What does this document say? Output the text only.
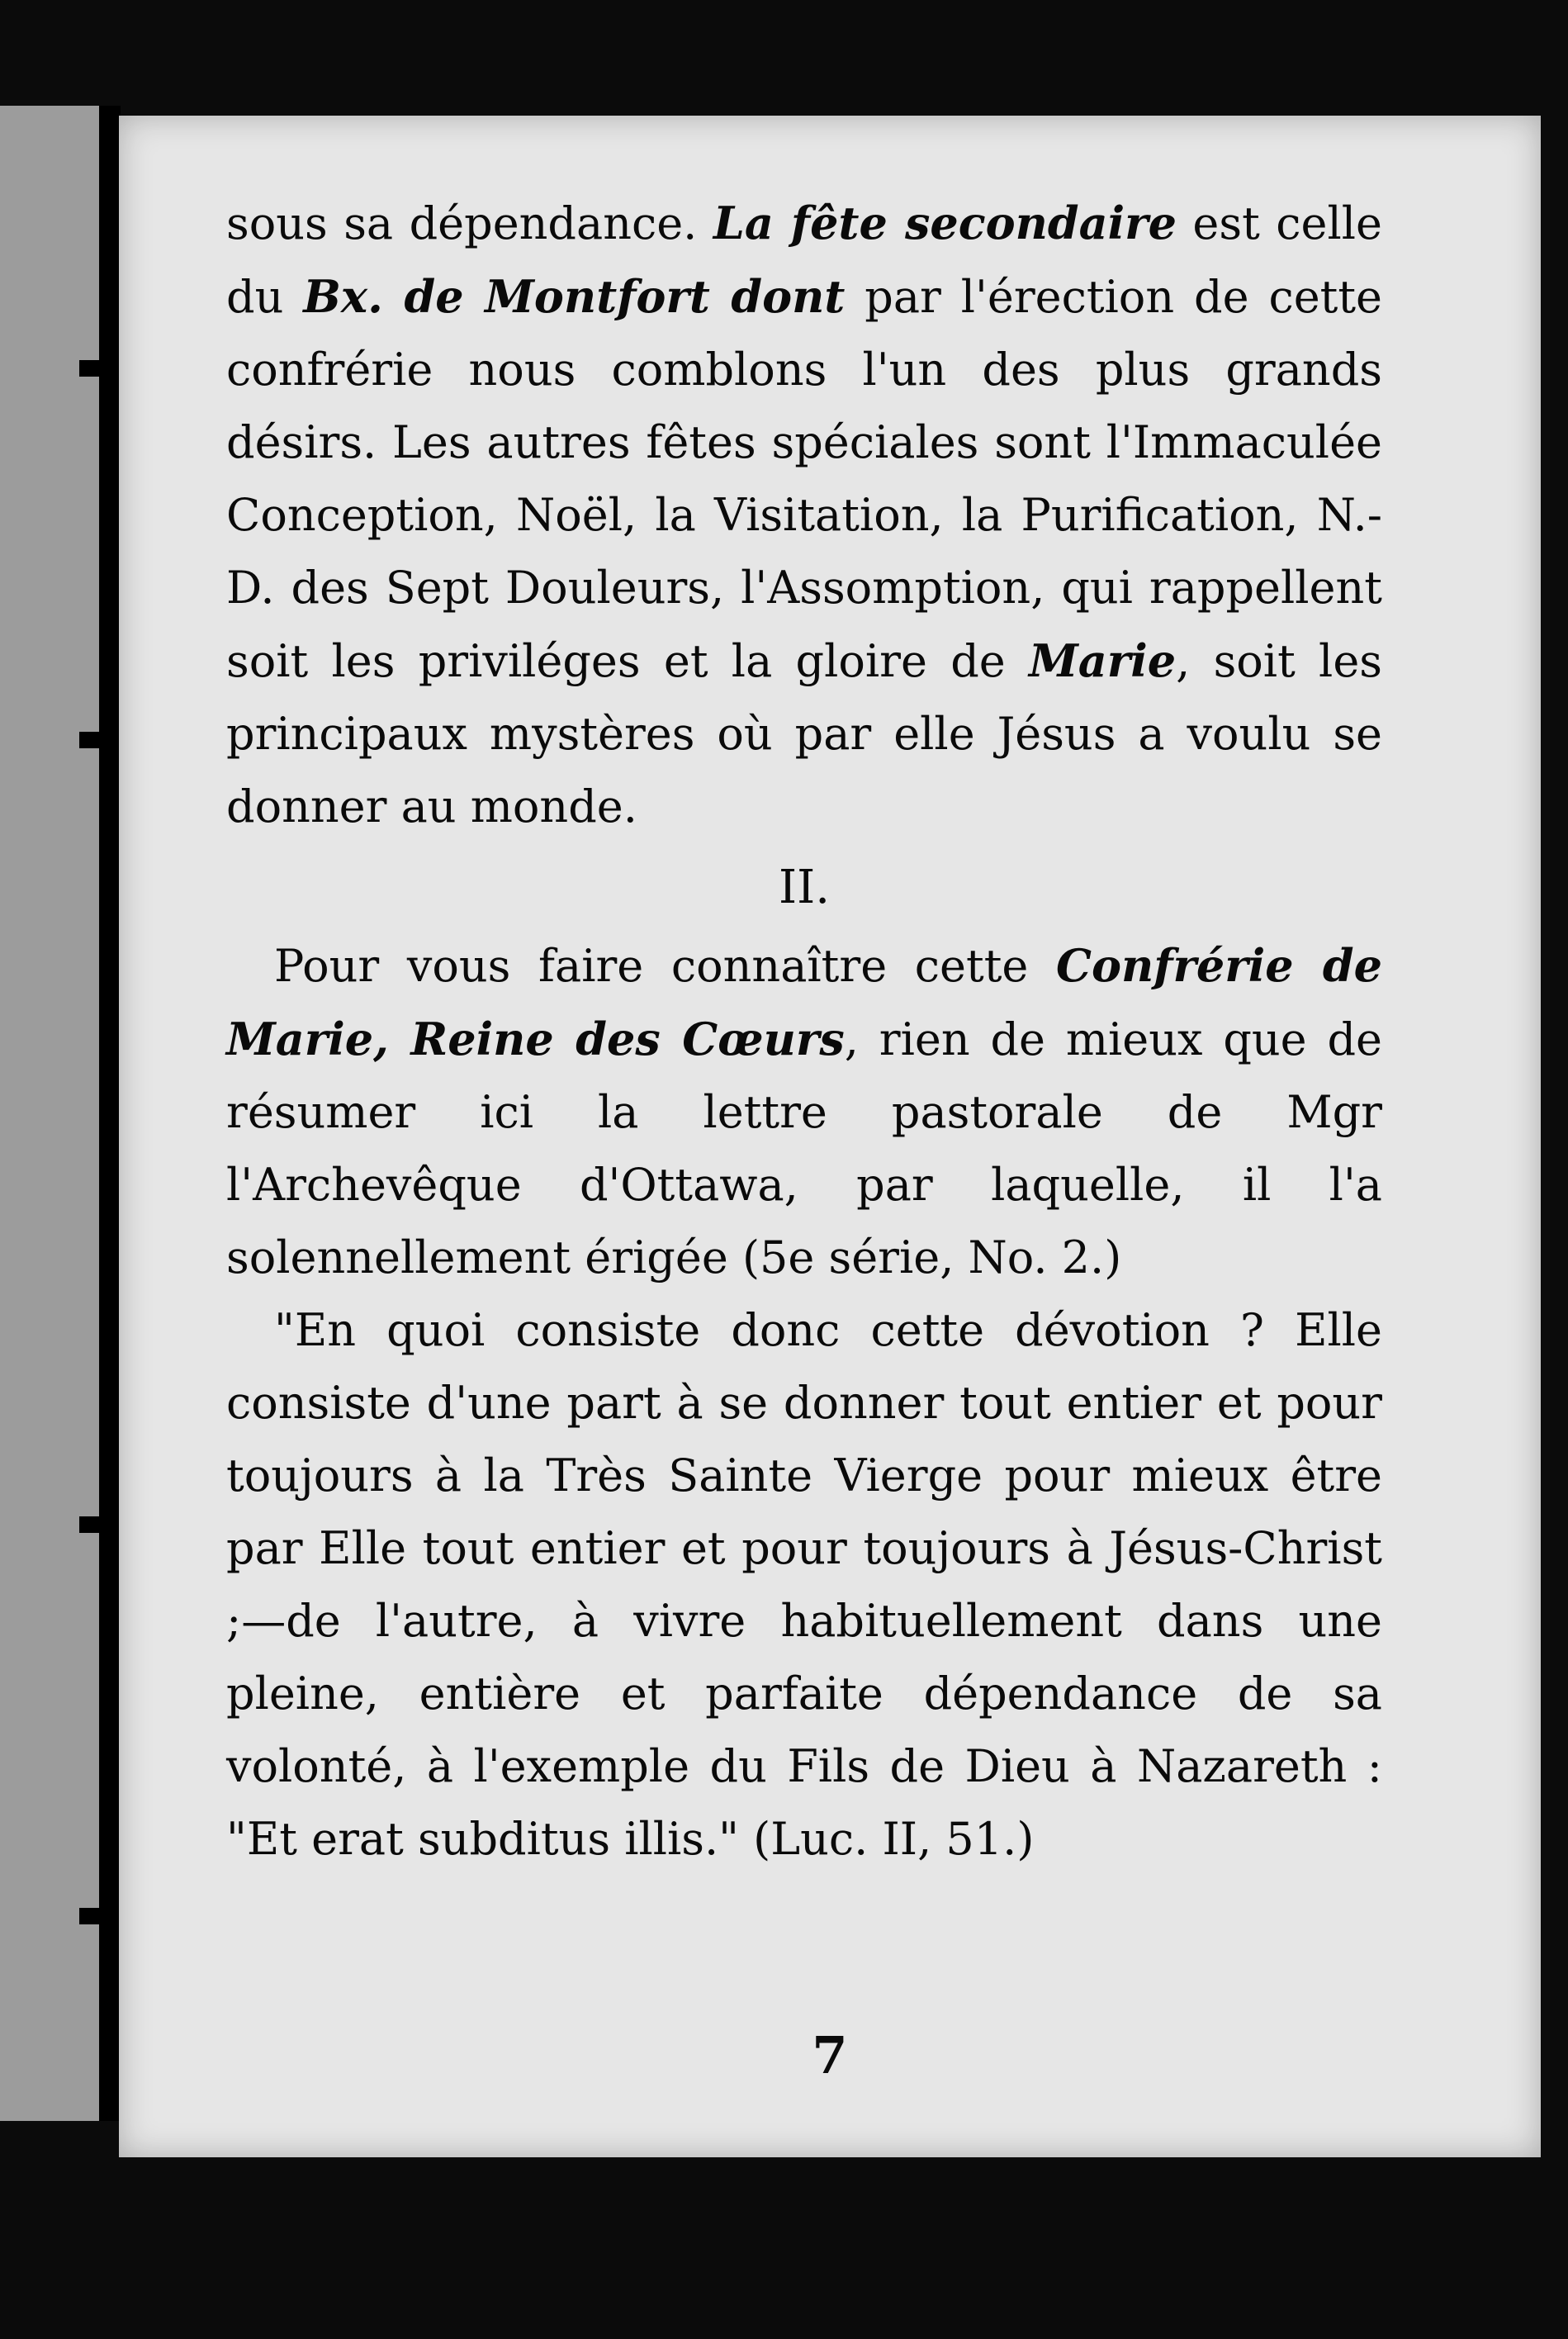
sous sa dépendance. La fête secondaire est celle du Bx. de Montfort dont par l'érection de cette confrérie nous comblons l'un des plus grands désirs. Les autres fêtes spéciales sont l'Immaculée Conception, Noël, la Visitation, la Purification, N.-D. des Sept Douleurs, l'Assomption, qui rappellent soit les priviléges et la gloire de Marie, soit les principaux mystères où par elle Jésus a voulu se donner au monde.

II.

Pour vous faire connaître cette Confrérie de Marie, Reine des Cœurs, rien de mieux que de résumer ici la lettre pastorale de Mgr l'Archevêque d'Ottawa, par laquelle, il l'a solennellement érigée (5e série, No. 2.)

"En quoi consiste donc cette dévotion ? Elle consiste d'une part à se donner tout entier et pour toujours à la Très Sainte Vierge pour mieux être par Elle tout entier et pour toujours à Jésus-Christ ;—de l'autre, à vivre habituellement dans une pleine, entière et parfaite dépendance de sa volonté, à l'exemple du Fils de Dieu à Nazareth : "Et erat subditus illis." (Luc. II, 51.)

7
